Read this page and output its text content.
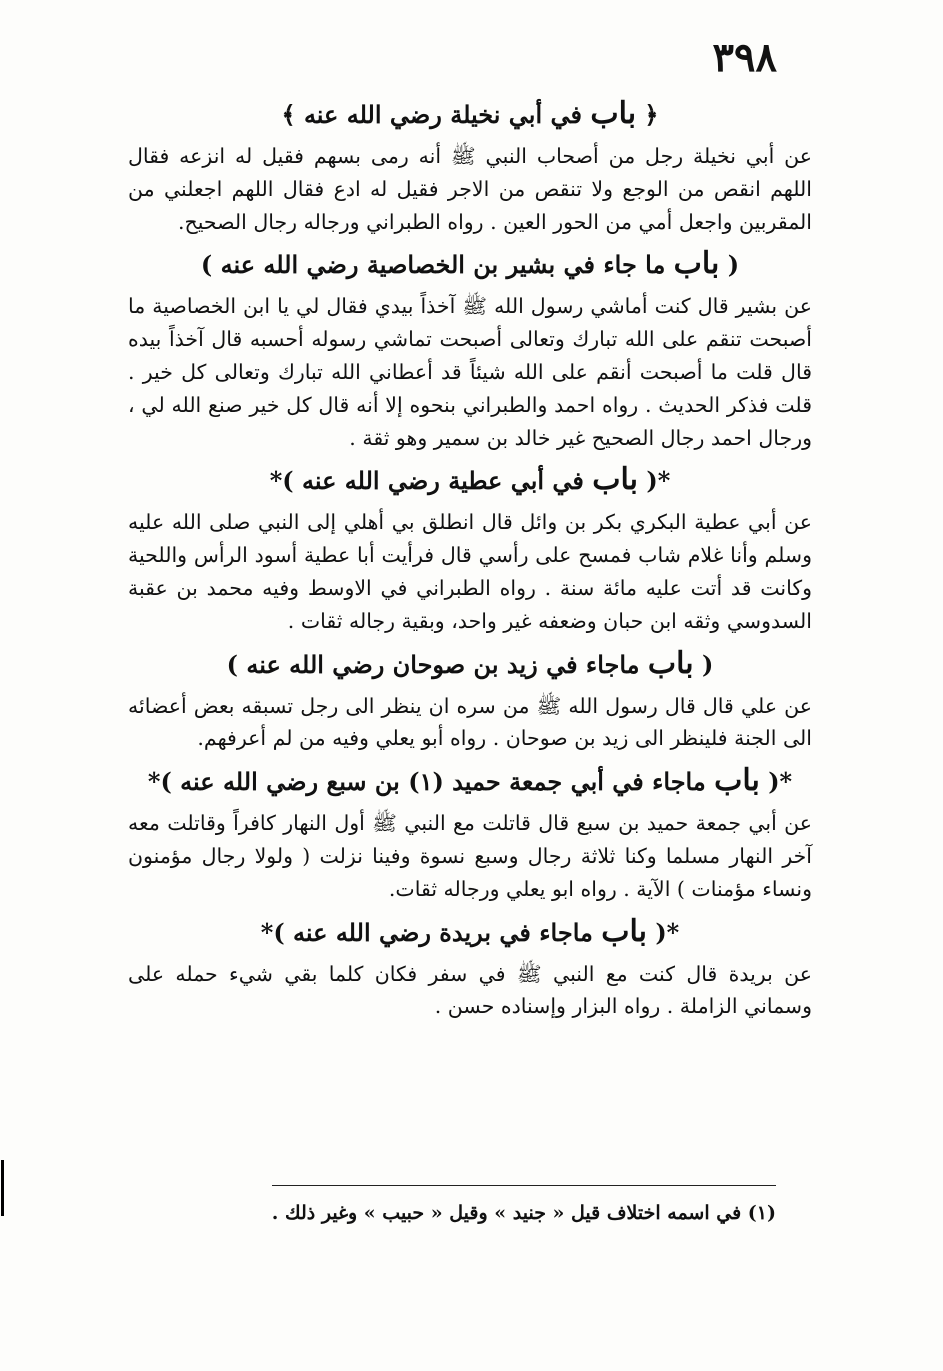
٣٩٨
﴿ باب في أبي نخيلة رضي الله عنه ﴾

عن أبي نخيلة رجل من أصحاب النبي ﷺ أنه رمى بسهم فقيل له انزعه فقال اللهم انقص من الوجع ولا تنقص من الاجر فقيل له ادع فقال اللهم اجعلني من المقربين واجعل أمي من الحور العين . رواه الطبراني ورجاله رجال الصحيح.

( باب ما جاء في بشير بن الخصاصية رضي الله عنه )

عن بشير قال كنت أماشي رسول الله ﷺ آخذاً بيدي فقال لي يا ابن الخصاصية ما أصبحت تنقم على الله تبارك وتعالى أصبحت تماشي رسوله أحسبه قال آخذاً بيده قال قلت ما أصبحت أنقم على الله شيئاً قد أعطاني الله تبارك وتعالى كل خير . قلت فذكر الحديث . رواه احمد والطبراني بنحوه إلا أنه قال كل خير صنع الله لي ، ورجال احمد رجال الصحيح غير خالد بن سمير وهو ثقة .

*( باب في أبي عطية رضي الله عنه )*

عن أبي عطية البكري بكر بن وائل قال انطلق بي أهلي إلى النبي صلى الله عليه وسلم وأنا غلام شاب فمسح على رأسي قال فرأيت أبا عطية أسود الرأس واللحية وكانت قد أتت عليه مائة سنة . رواه الطبراني في الاوسط وفيه محمد بن عقبة السدوسي وثقه ابن حبان وضعفه غير واحد، وبقية رجاله ثقات .

( باب ماجاء في زيد بن صوحان رضي الله عنه )

عن علي قال قال رسول الله ﷺ من سره ان ينظر الى رجل تسبقه بعض أعضائه الى الجنة فلينظر الى زيد بن صوحان . رواه أبو يعلي وفيه من لم أعرفهم.

*( باب ماجاء في أبي جمعة حميد (١) بن سبع رضي الله عنه )*

عن أبي جمعة حميد بن سبع قال قاتلت مع النبي ﷺ أول النهار كافراً وقاتلت معه آخر النهار مسلما وكنا ثلاثة رجال وسبع نسوة وفينا نزلت ( ولولا رجال مؤمنون ونساء مؤمنات ) الآية . رواه ابو يعلي ورجاله ثقات.

*( باب ماجاء في بريدة رضي الله عنه )*

عن بريدة قال كنت مع النبي ﷺ في سفر فكان كلما بقي شيء حمله على وسماني الزاملة . رواه البزار وإسناده حسن .

(١) في اسمه اختلاف قيل « جنيد » وقيل « حبيب » وغير ذلك .
